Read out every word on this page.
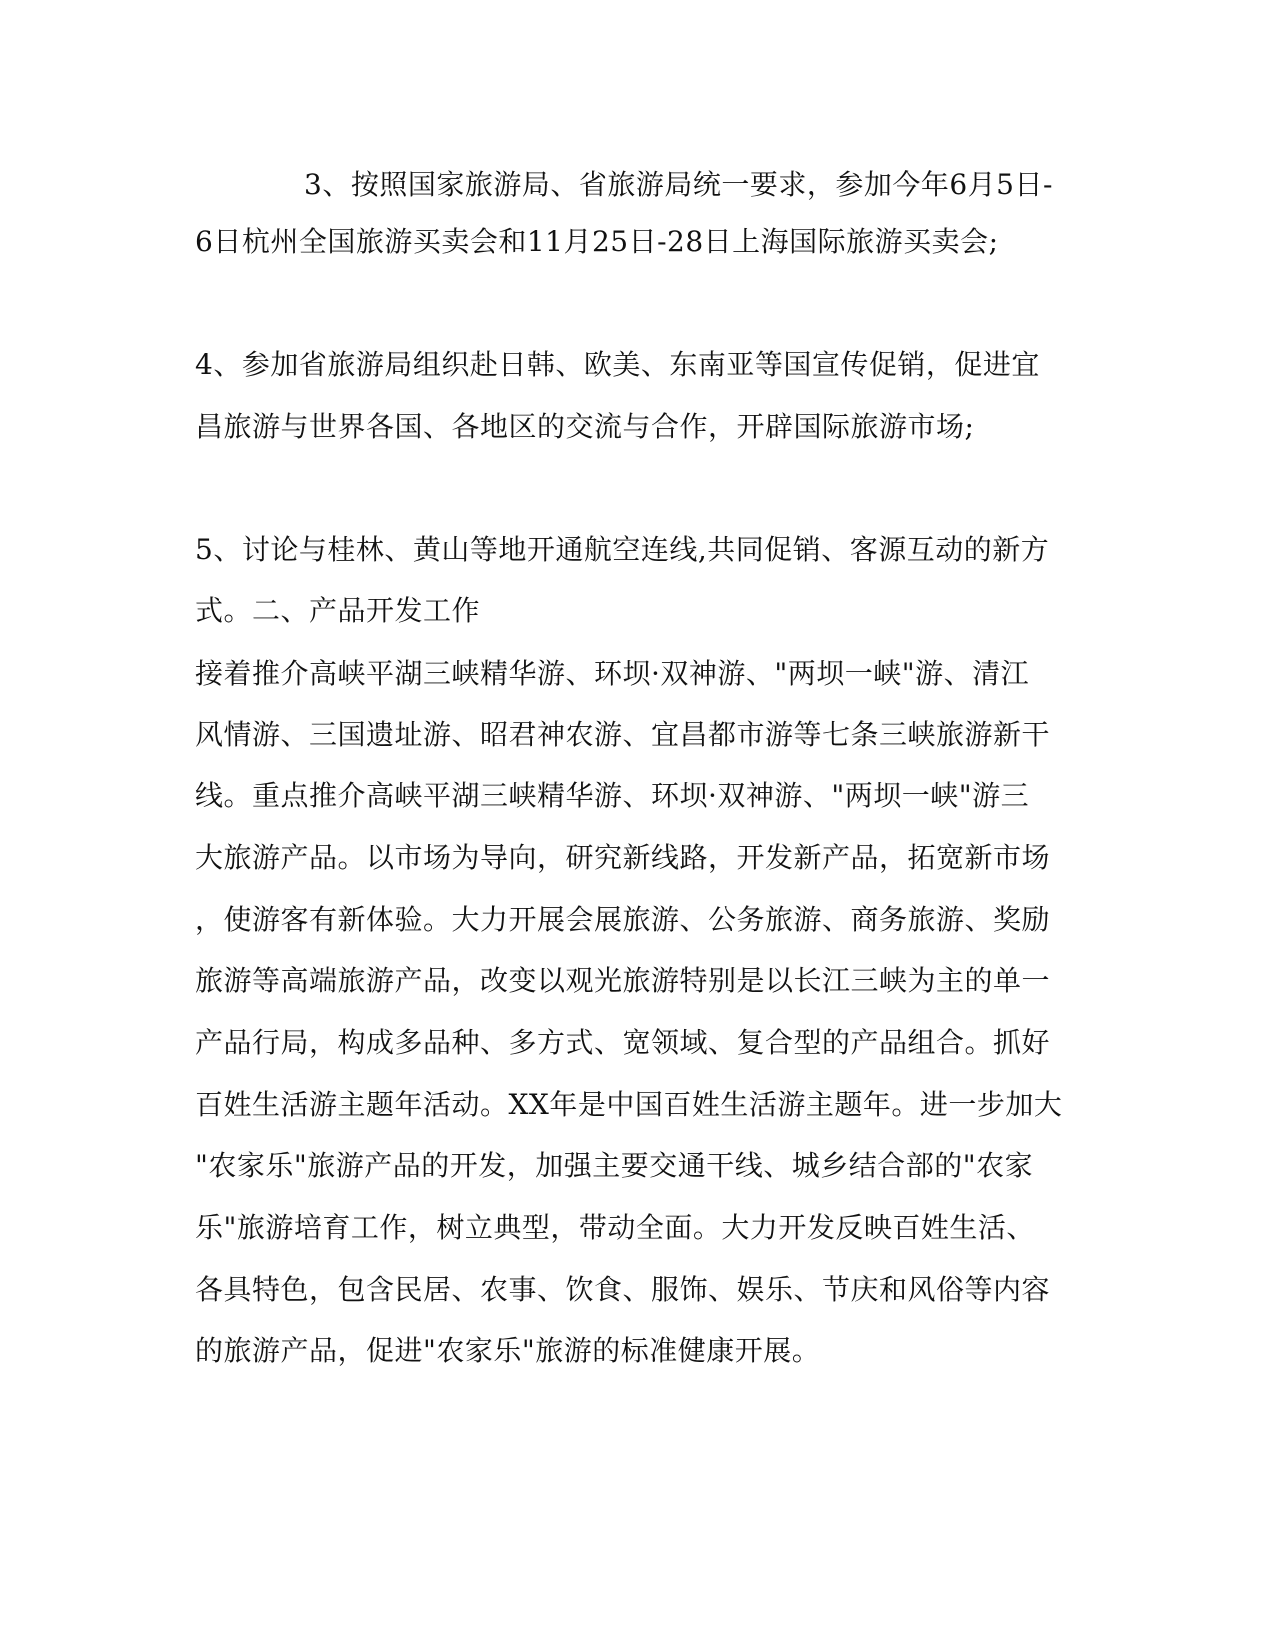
3、按照国家旅游局、省旅游局统一要求，参加今年6月5日-
6日杭州全国旅游买卖会和11月25日-28日上海国际旅游买卖会;
4、参加省旅游局组织赴日韩、欧美、东南亚等国宣传促销，促进宜
昌旅游与世界各国、各地区的交流与合作，开辟国际旅游市场;
5、讨论与桂林、黄山等地开通航空连线,共同促销、客源互动的新方
式。二、产品开发工作
接着推介高峡平湖三峡精华游、环坝·双神游、"两坝一峡"游、清江
风情游、三国遗址游、昭君神农游、宜昌都市游等七条三峡旅游新干
线。重点推介高峡平湖三峡精华游、环坝·双神游、"两坝一峡"游三
大旅游产品。以市场为导向，研究新线路，开发新产品，拓宽新市场
，使游客有新体验。大力开展会展旅游、公务旅游、商务旅游、奖励
旅游等高端旅游产品，改变以观光旅游特别是以长江三峡为主的单一
产品行局，构成多品种、多方式、宽领域、复合型的产品组合。抓好
百姓生活游主题年活动。XX年是中国百姓生活游主题年。进一步加大
"农家乐"旅游产品的开发，加强主要交通干线、城乡结合部的"农家
乐"旅游培育工作，树立典型，带动全面。大力开发反映百姓生活、
各具特色，包含民居、农事、饮食、服饰、娱乐、节庆和风俗等内容
的旅游产品，促进"农家乐"旅游的标准健康开展。
